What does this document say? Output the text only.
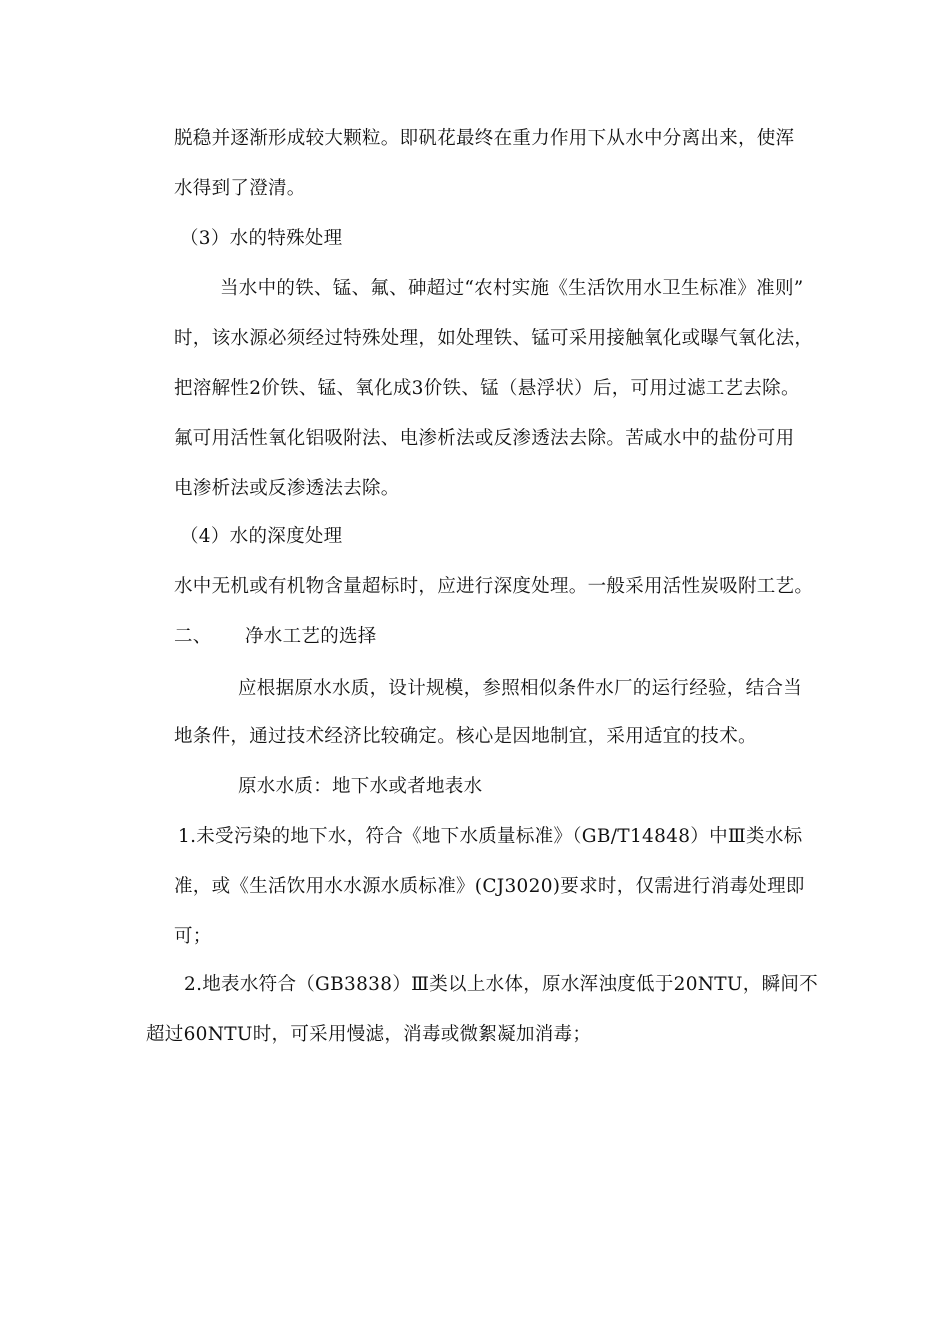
脱稳并逐渐形成较大颗粒。即矾花最终在重力作用下从水中分离出来，使浑
水得到了澄清。
（3）水的特殊处理
当水中的铁、锰、氟、砷超过“农村实施《生活饮用水卫生标准》准则”
时，该水源必须经过特殊处理，如处理铁、锰可采用接触氧化或曝气氧化法，
把溶解性2价铁、锰、氧化成3价铁、锰（悬浮状）后，可用过滤工艺去除。
氟可用活性氧化铝吸附法、电渗析法或反渗透法去除。苦咸水中的盐份可用
电渗析法或反渗透法去除。
（4）水的深度处理
水中无机或有机物含量超标时，应进行深度处理。一般采用活性炭吸附工艺。
二、 净水工艺的选择
应根据原水水质，设计规模，参照相似条件水厂的运行经验，结合当
地条件，通过技术经济比较确定。核心是因地制宜，采用适宜的技术。
原水水质：地下水或者地表水
1.未受污染的地下水，符合《地下水质量标准》（GB/T14848）中Ⅲ类水标
准，或《生活饮用水水源水质标准》(CJ3020)要求时，仅需进行消毒处理即
可；
2.地表水符合（GB3838）Ⅲ类以上水体，原水浑浊度低于20NTU，瞬间不
超过60NTU时，可采用慢滤，消毒或微絮凝加消毒；
